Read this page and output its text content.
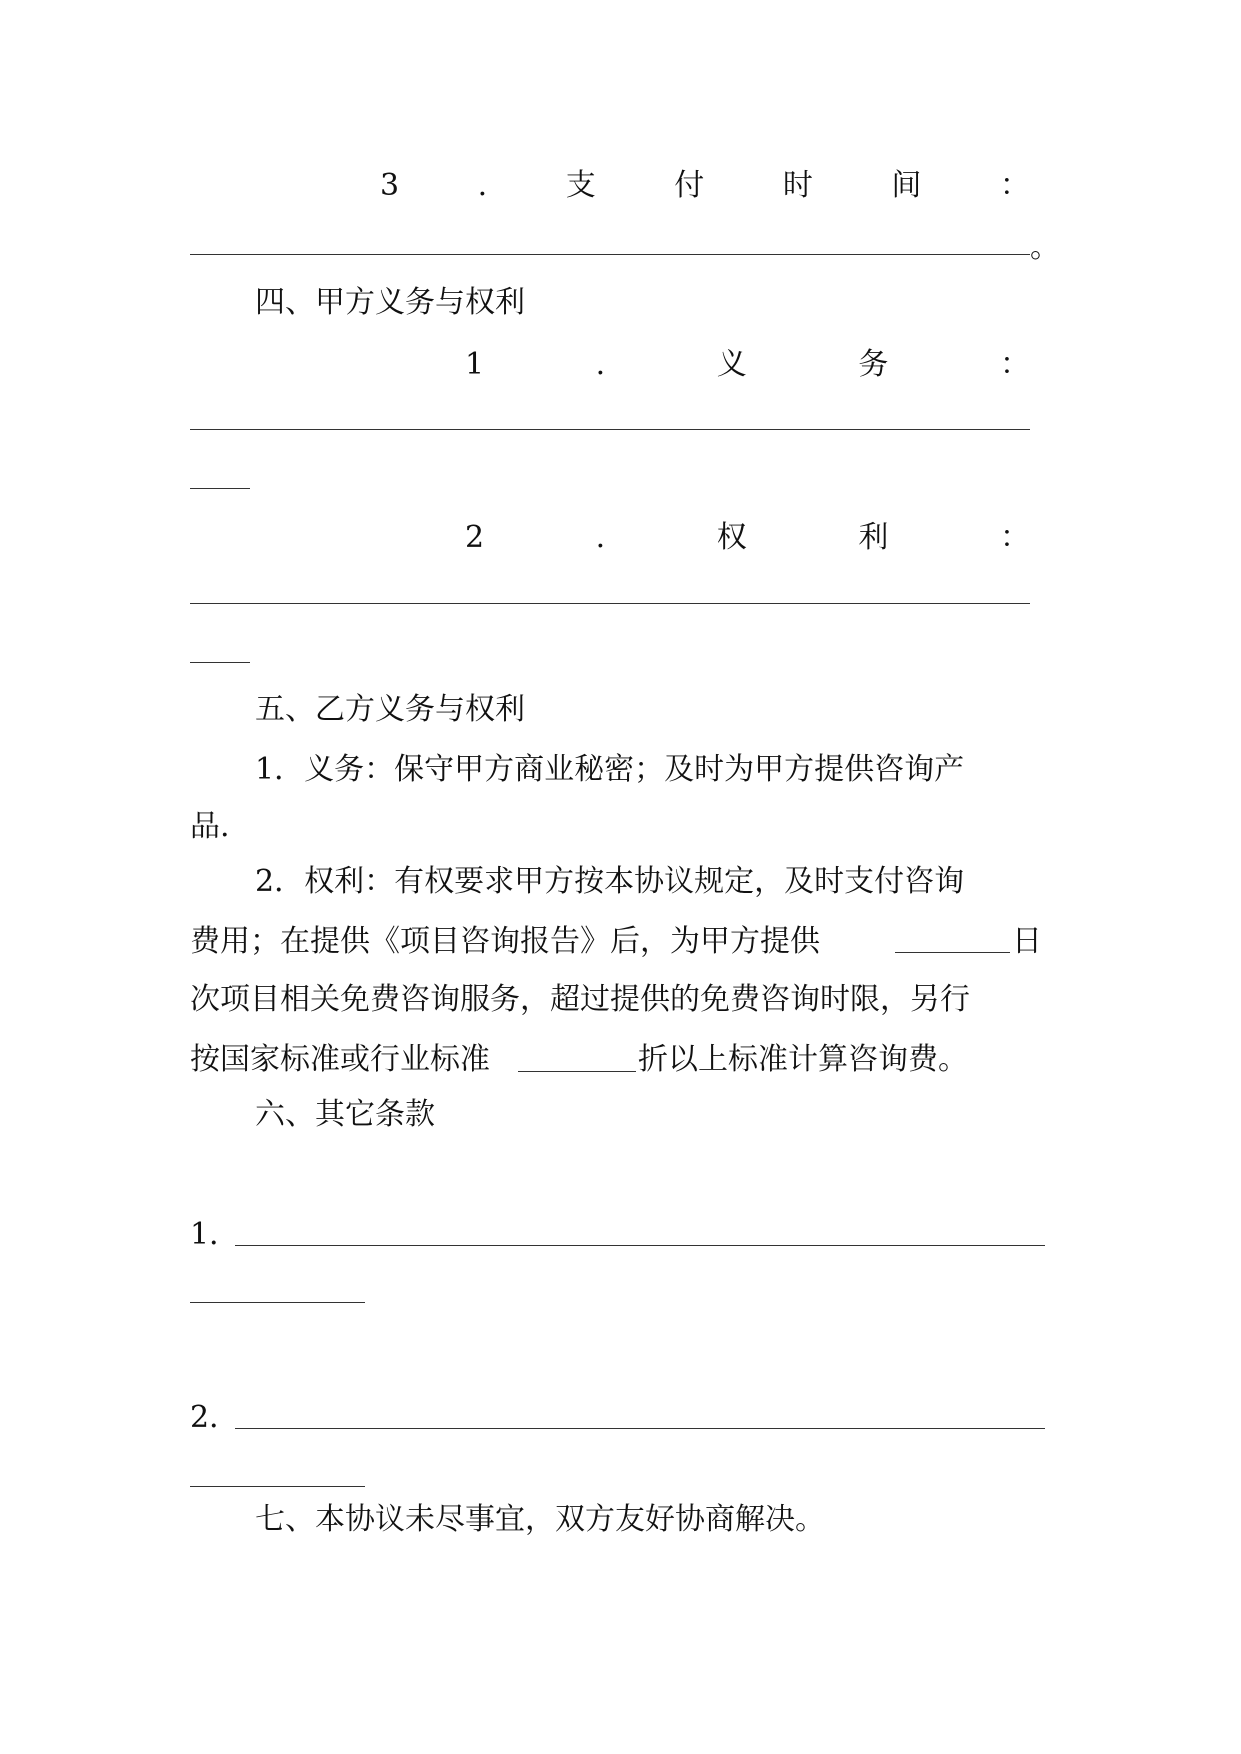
3	.	支	付	时	间	：
。
四、甲方义务与权利
1	.	义	务	：
2	.	权	利	：
五、乙方义务与权利
1．义务：保守甲方商业秘密；及时为甲方提供咨询产
品.
2．权利：有权要求甲方按本协议规定，及时支付咨询
费用；在提供《项目咨询报告》后，为甲方提供	日
次项目相关免费咨询服务，超过提供的免费咨询时限，另行
按国家标准或行业标准	折以上标准计算咨询费。
六、其它条款
1．
2．
七、本协议未尽事宜，双方友好协商解决。
